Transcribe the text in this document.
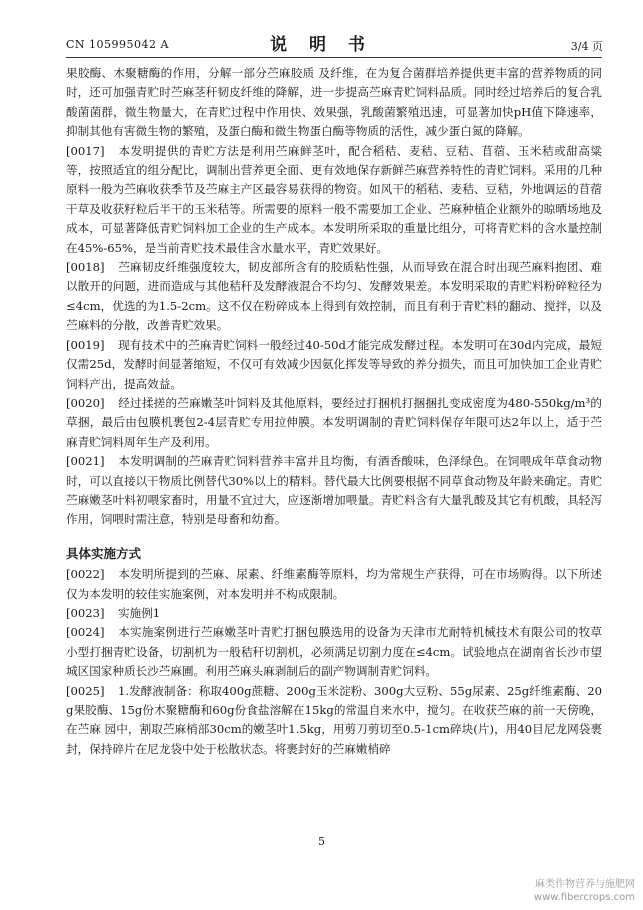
CN 105995042 A	说 明 书	3/4 页

果胶酶、木聚糖酶的作用，分解一部分苎麻胶质 及纤维，在为复合菌群培养提供更丰富的营养物质的同时，还可加强青贮时苎麻茎秆韧皮纤维的降解，进一步提高苎麻青贮饲料品质。同时经过培养后的复合乳酸菌菌群，微生物量大，在青贮过程中作用快、效果强，乳酸菌繁殖迅速，可显著加快pH值下降速率，抑制其他有害微生物的繁殖，及蛋白酶和微生物蛋白酶等物质的活性，减少蛋白氮的降解。

[0017] 本发明提供的青贮方法是利用苎麻鲜茎叶，配合稻秸、麦秸、豆秸、苜蓿、玉米秸或甜高粱等，按照适宜的组分配比，调制出营养更全面、更有效地保存新鲜苎麻营养特性的青贮饲料。采用的几种原料一般为苎麻收获季节及苎麻主产区最容易获得的物资。如风干的稻秸、麦秸、豆秸，外地调运的苜蓿干草及收获籽粒后半干的玉米秸等。所需要的原料一般不需要加工企业、苎麻种植企业额外的晾晒场地及成本，可显著降低青贮饲料加工企业的生产成本。本发明所采取的重量比组分，可将青贮料的含水量控制在45%-65%，是当前青贮技术最佳含水量水平，青贮效果好。

[0018] 苎麻韧皮纤维强度较大，韧皮部所含有的胶质粘性强，从而导致在混合时出现苎麻料抱团、难以散开的问题，进而造成与其他秸秆及发酵液混合不均匀、发酵效果差。本发明采取的青贮料粉碎粒径为≤4cm，优选的为1.5-2cm。这不仅在粉碎成本上得到有效控制，而且有利于青贮料的翻动、搅拌，以及苎麻料的分散，改善青贮效果。

[0019] 现有技术中的苎麻青贮饲料一般经过40-50d才能完成发酵过程。本发明可在30d内完成，最短仅需25d，发酵时间显著缩短，不仅可有效减少因氨化挥发等导致的养分损失，而且可加快加工企业青贮饲料产出，提高效益。

[0020] 经过揉搓的苎麻嫩茎叶饲料及其他原料，要经过打捆机打捆捆扎变成密度为480-550kg/m³的草捆，最后由包膜机裹包2-4层青贮专用拉伸膜。本发明调制的青贮饲料保存年限可达2年以上，适于苎麻青贮饲料周年生产及利用。

[0021] 本发明调制的苎麻青贮饲料营养丰富并且均衡，有酒香酸味，色泽绿色。在饲喂成年草食动物时，可以直接以干物质比例替代30%以上的精料。替代最大比例要根据不同草食动物及年龄来确定。青贮苎麻嫩茎叶料初喂家畜时，用量不宜过大，应逐渐增加喂量。青贮料含有大量乳酸及其它有机酸，具轻泻作用，饲喂时需注意，特别是母畜和幼畜。

具体实施方式

[0022] 本发明所提到的苎麻、尿素、纤维素酶等原料，均为常规生产获得，可在市场购得。以下所述仅为本发明的较佳实施案例，对本发明并不构成限制。

[0023] 实施例1

[0024] 本实施案例进行苎麻嫩茎叶青贮打捆包膜选用的设备为天津市尤耐特机械技术有限公司的牧草小型打捆青贮设备，切割机为一般秸秆切割机，必须满足切割力度在≤4cm。试验地点在湖南省长沙市望城区国家种质长沙苎麻圃。利用苎麻头麻剥制后的副产物调制青贮饲料。

[0025] 1.发酵液制备：称取400g蔗糖、200g玉米淀粉、300g大豆粉、55g尿素、25g纤维素酶、20g果胶酶、15g份木聚糖酶和60g份食盐溶解在15kg的常温自来水中，搅匀。在收获苎麻的前一天傍晚，在苎麻 园中，割取苎麻梢部30cm的嫩茎叶1.5kg，用剪刀剪切至0.5-1cm碎块(片)，用40目尼龙网袋裹封，保持碎片在尼龙袋中处于松散状态。将裹封好的苎麻嫩梢碎

5
麻类作物营养与施肥网
www.fibercrops.com
